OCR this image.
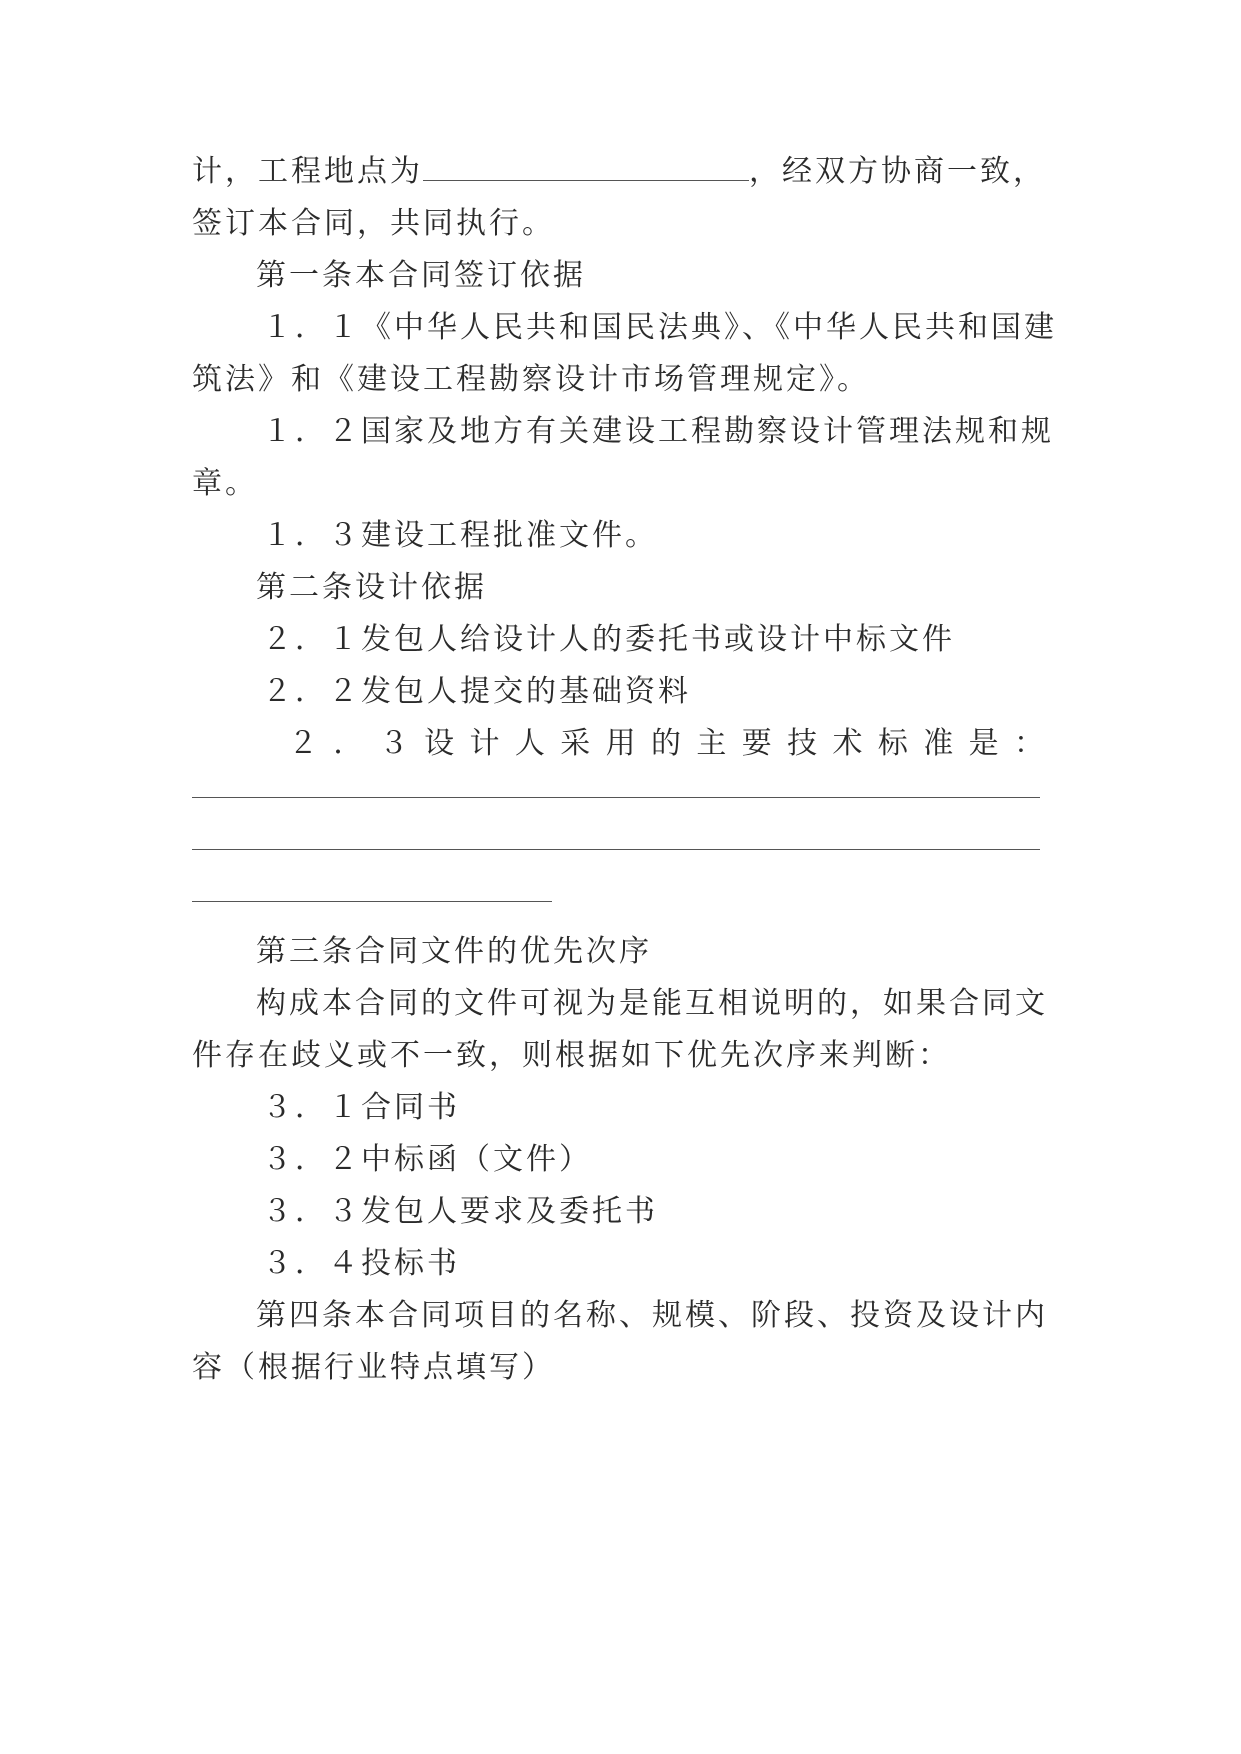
计，工程地点为	，经双方协商一致，
签订本合同，共同执行。
第一条本合同签订依据
１．１《中华人民共和国民法典》、《中华人民共和国建
筑法》和《建设工程勘察设计市场管理规定》。
１．２国家及地方有关建设工程勘察设计管理法规和规
章。
１．３建设工程批准文件。
第二条设计依据
２．１发包人给设计人的委托书或设计中标文件
２．２发包人提交的基础资料
２ ． ３ 设 计 人 采 用 的 主 要 技 术 标 准 是 ：
第三条合同文件的优先次序
构成本合同的文件可视为是能互相说明的，如果合同文
件存在歧义或不一致，则根据如下优先次序来判断：
３．１合同书
３．２中标函（文件）
３．３发包人要求及委托书
３．４投标书
第四条本合同项目的名称、规模、阶段、投资及设计内
容（根据行业特点填写）
